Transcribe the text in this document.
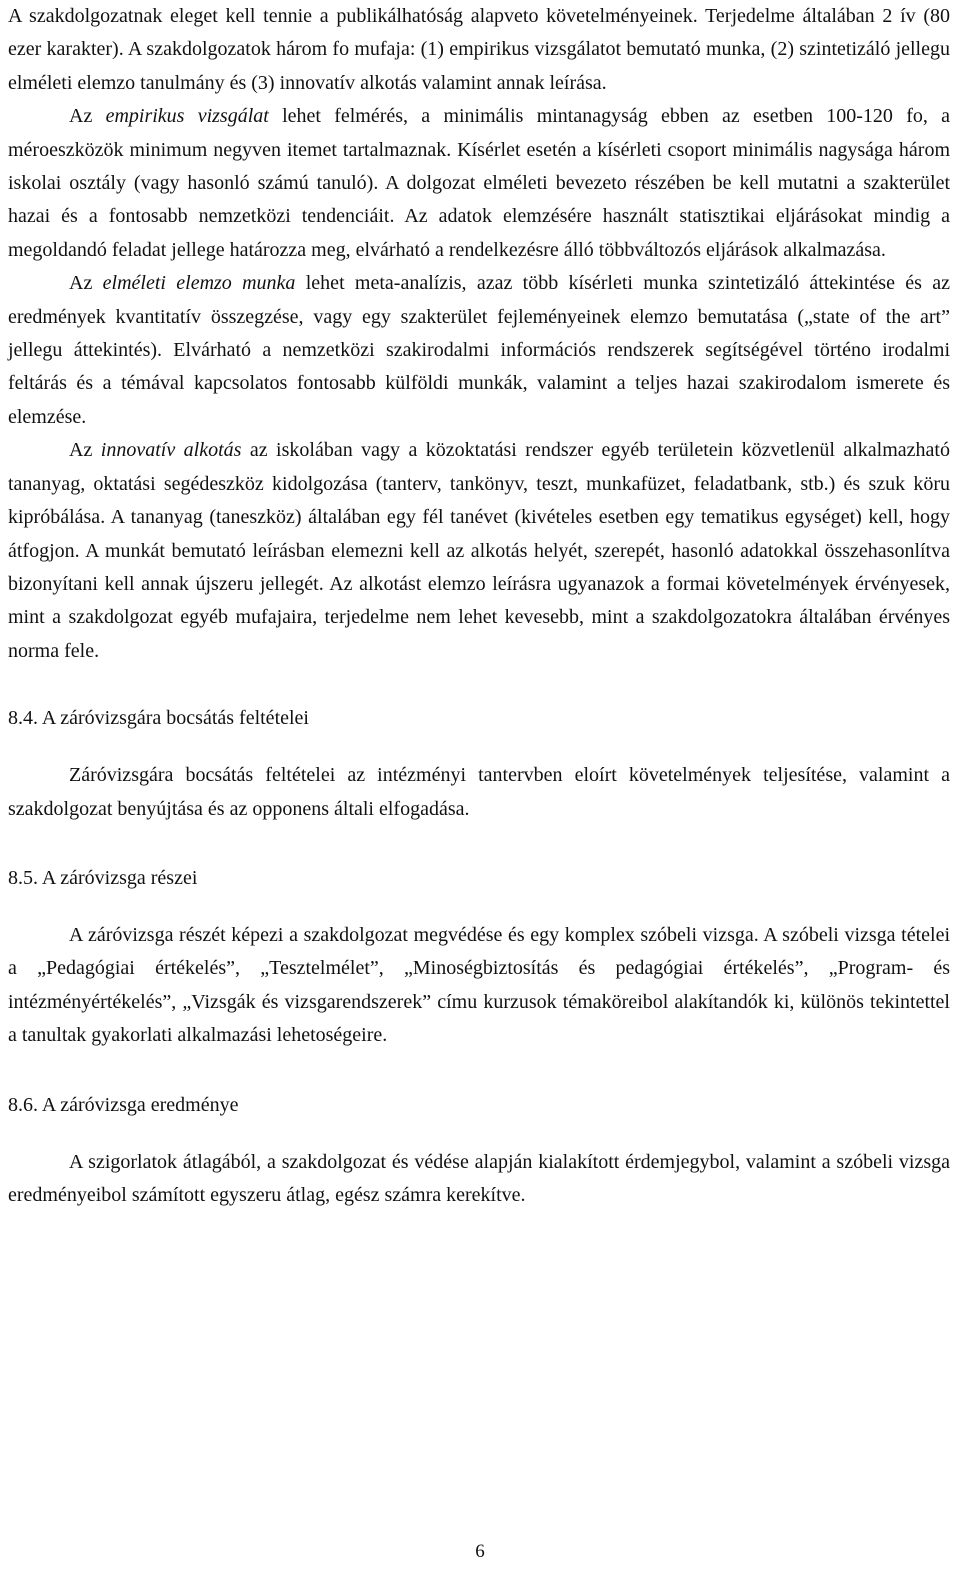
A szakdolgozatnak eleget kell tennie a publikálhatóság alapveto követelményeinek. Terjedelme általában 2 ív (80 ezer karakter). A szakdolgozatok három fo mufaja: (1) empirikus vizsgálatot bemutató munka, (2) szintetizáló jellegu elméleti elemzo tanulmány és (3) innovatív alkotás valamint annak leírása.

Az empirikus vizsgálat lehet felmérés, a minimális mintanagyság ebben az esetben 100-120 fo, a méroeszközök minimum negyven itemet tartalmaznak. Kísérlet esetén a kísérleti csoport minimális nagysága három iskolai osztály (vagy hasonló számú tanuló). A dolgozat elméleti bevezeto részében be kell mutatni a szakterület hazai és a fontosabb nemzetközi tendenciáit. Az adatok elemzésére használt statisztikai eljárásokat mindig a megoldandó feladat jellege határozza meg, elvárható a rendelkezésre álló többváltozós eljárások alkalmazása.

Az elméleti elemzo munka lehet meta-analízis, azaz több kísérleti munka szintetizáló áttekintése és az eredmények kvantitatív összegzése, vagy egy szakterület fejleményeinek elemzo bemutatása („state of the art” jellegu áttekintés). Elvárható a nemzetközi szakirodalmi információs rendszerek segítségével történo irodalmi feltárás és a témával kapcsolatos fontosabb külföldi munkák, valamint a teljes hazai szakirodalom ismerete és elemzése.

Az innovatív alkotás az iskolában vagy a közoktatási rendszer egyéb területein közvetlenül alkalmazható tananyag, oktatási segédeszköz kidolgozása (tanterv, tankönyv, teszt, munkafüzet, feladatbank, stb.) és szuk köru kipróbálása. A tananyag (taneszköz) általában egy fél tanévet (kivételes esetben egy tematikus egységet) kell, hogy átfogjon. A munkát bemutató leírásban elemezni kell az alkotás helyét, szerepét, hasonló adatokkal összehasonlítva bizonyítani kell annak újszeru jellegét. Az alkotást elemzo leírásra ugyanazok a formai követelmények érvényesek, mint a szakdolgozat egyéb mufajaira, terjedelme nem lehet kevesebb, mint a szakdolgozatokra általában érvényes norma fele.

8.4. A záróvizsgára bocsátás feltételei

Záróvizsgára bocsátás feltételei az intézményi tantervben eloírt követelmények teljesítése, valamint a szakdolgozat benyújtása és az opponens általi elfogadása.

8.5. A záróvizsga részei

A záróvizsga részét képezi a szakdolgozat megvédése és egy komplex szóbeli vizsga. A szóbeli vizsga tételei a „Pedagógiai értékelés”, „Tesztelmélet”, „Minoségbiztosítás és pedagógiai értékelés”, „Program- és intézményértékelés”, „Vizsgák és vizsgarendszerek” címu kurzusok témaköreibol alakítandók ki, különös tekintettel a tanultak gyakorlati alkalmazási lehetoségeire.

8.6. A záróvizsga eredménye

A szigorlatok átlagából, a szakdolgozat és védése alapján kialakított érdemjegybol, valamint a szóbeli vizsga eredményeibol számított egyszeru átlag, egész számra kerekítve.

6
